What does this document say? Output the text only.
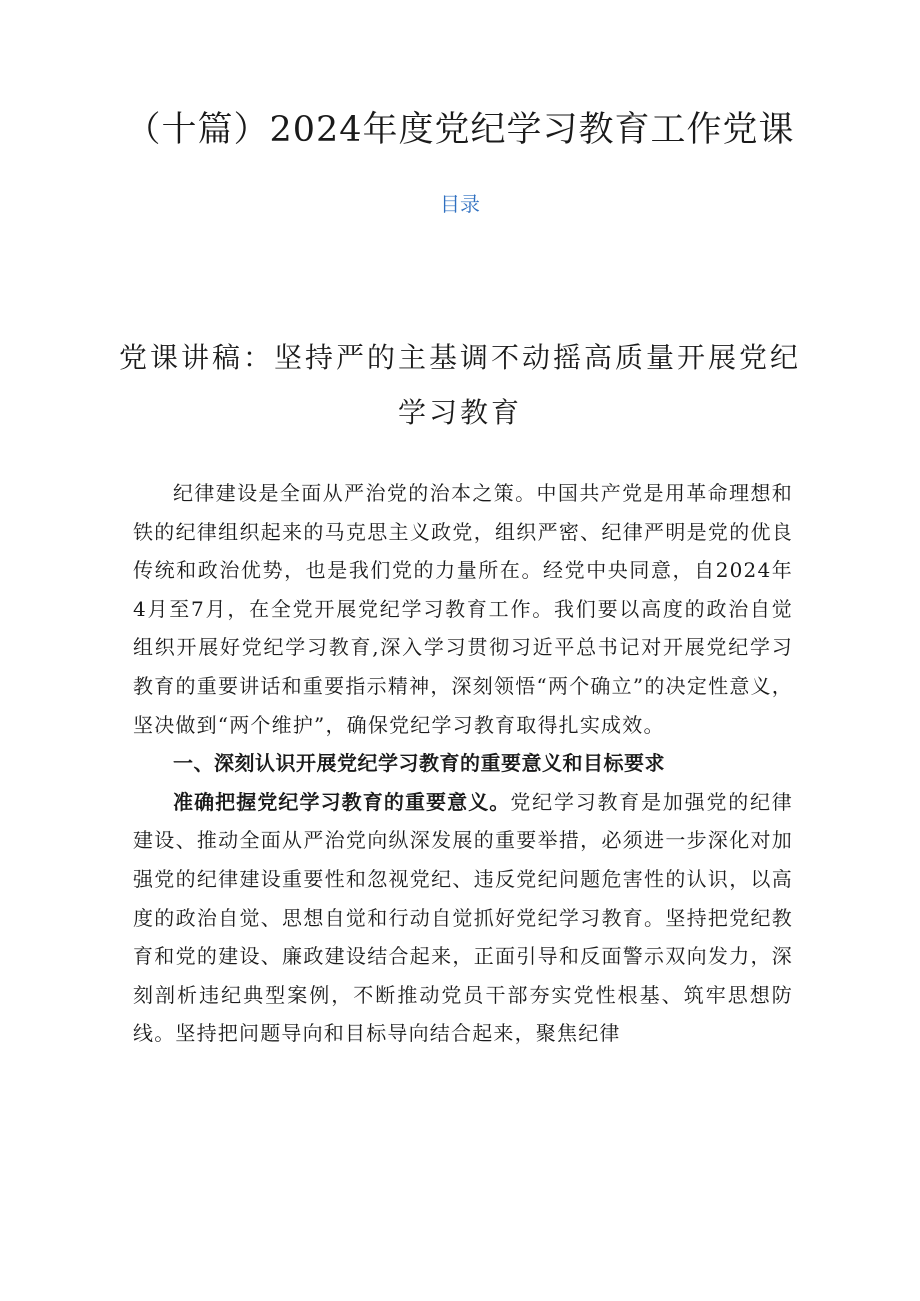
（十篇）2024年度党纪学习教育工作党课
目录
党课讲稿：坚持严的主基调不动摇高质量开展党纪学习教育

纪律建设是全面从严治党的治本之策。中国共产党是用革命理想和铁的纪律组织起来的马克思主义政党，组织严密、纪律严明是党的优良传统和政治优势，也是我们党的力量所在。经党中央同意，自2024年4月至7月，在全党开展党纪学习教育工作。我们要以高度的政治自觉组织开展好党纪学习教育,深入学习贯彻习近平总书记对开展党纪学习教育的重要讲话和重要指示精神，深刻领悟“两个确立”的决定性意义，坚决做到“两个维护”，确保党纪学习教育取得扎实成效。

一、深刻认识开展党纪学习教育的重要意义和目标要求

准确把握党纪学习教育的重要意义。党纪学习教育是加强党的纪律建设、推动全面从严治党向纵深发展的重要举措，必须进一步深化对加强党的纪律建设重要性和忽视党纪、违反党纪问题危害性的认识，以高度的政治自觉、思想自觉和行动自觉抓好党纪学习教育。坚持把党纪教育和党的建设、廉政建设结合起来，正面引导和反面警示双向发力，深刻剖析违纪典型案例，不断推动党员干部夯实党性根基、筑牢思想防线。坚持把问题导向和目标导向结合起来，聚焦纪律
